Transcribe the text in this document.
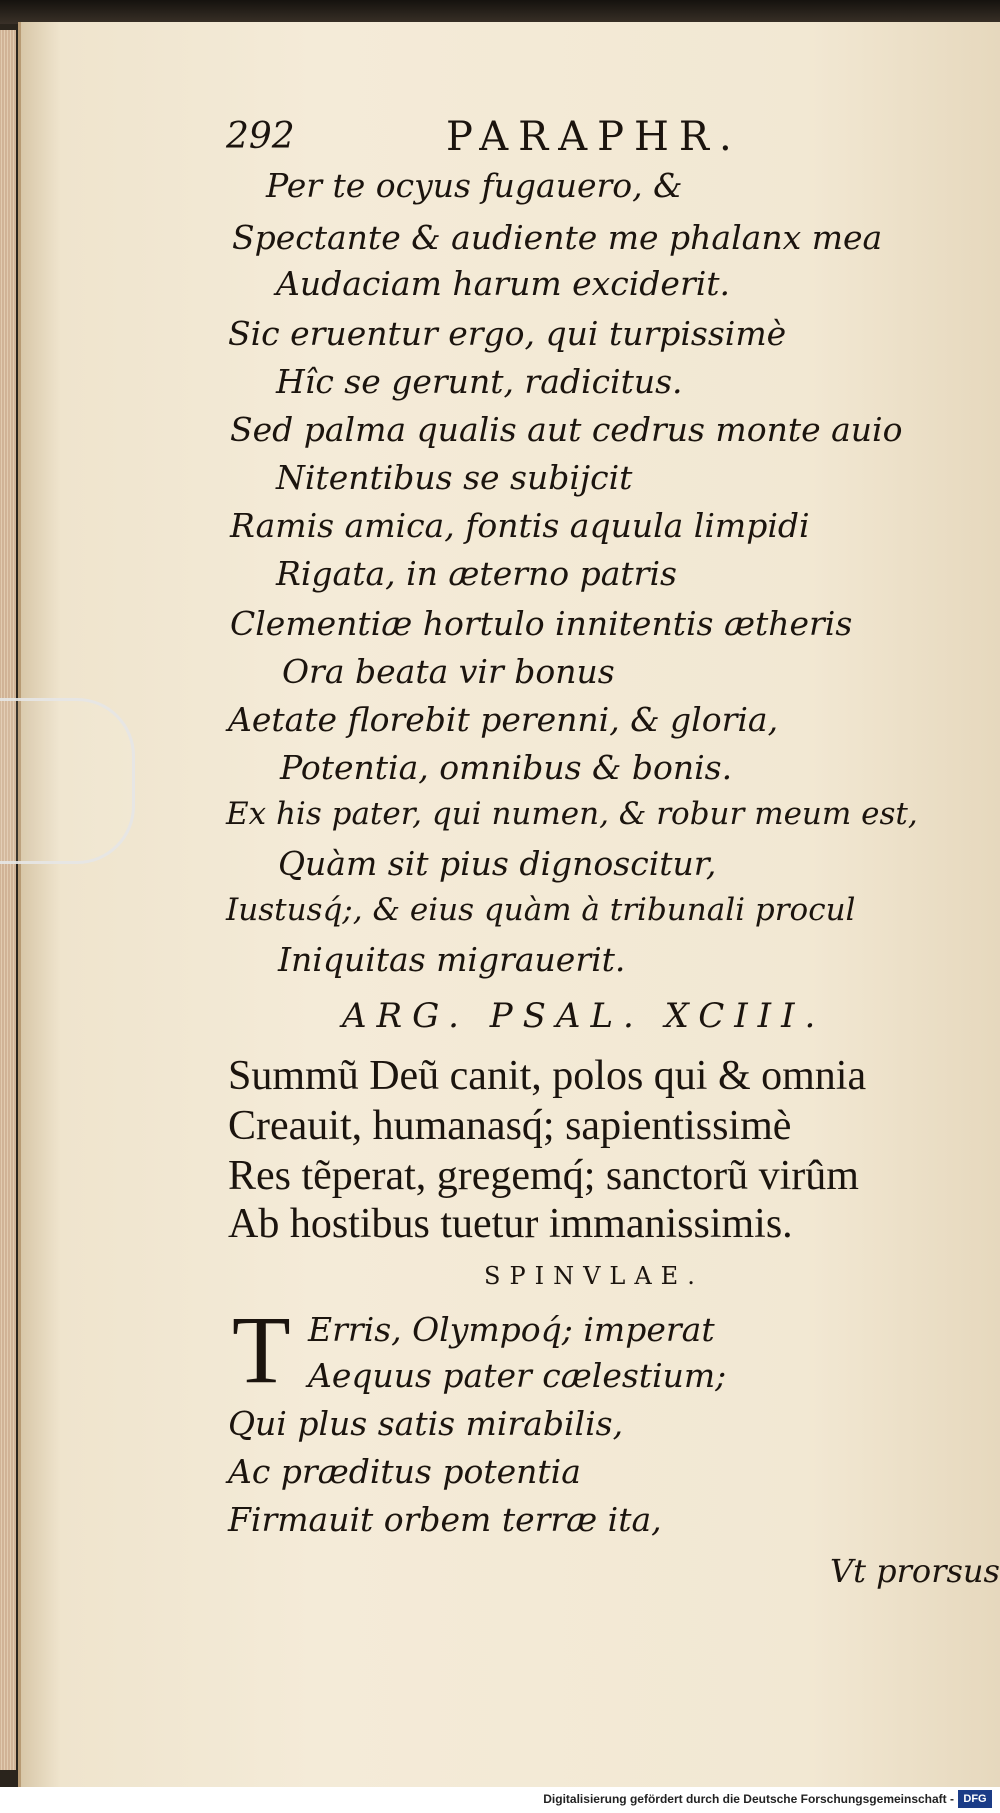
292	PARAPHR.
Per te ocyus fugauero, &
Spectante & audiente me phalanx mea
Audaciam harum exciderit.
Sic eruentur ergo, qui turpissimè
Hîc se gerunt, radicitus.
Sed palma qualis aut cedrus monte auio
Nitentibus se subijcit
Ramis amica, fontis aquula limpidi
Rigata, in æterno patris
Clementiæ hortulo innitentis ætheris
Ora beata vir bonus
Aetate florebit perenni, & gloria,
Potentia, omnibus & bonis.
Ex his pater, qui numen, & robur meum est,
Quàm sit pius dignoscitur,
Iustusq́;, & eius quàm à tribunali procul
Iniquitas migrauerit.
ARG. PSAL. XCIII.
Summũ Deũ canit, polos qui & omnia
Creauit, humanasq́; sapientissimè
Res tẽperat, gregemq́; sanctorũ virûm
Ab hostibus tuetur immanissimis.
SPINVLAE.
T Erris, Olympoq́; imperat
Aequus pater cælestium;
Qui plus satis mirabilis,
Ac præditus potentia
Firmauit orbem terræ ita,
Vt prorsus
Digitalisierung gefördert durch die Deutsche Forschungsgemeinschaft - DFG
